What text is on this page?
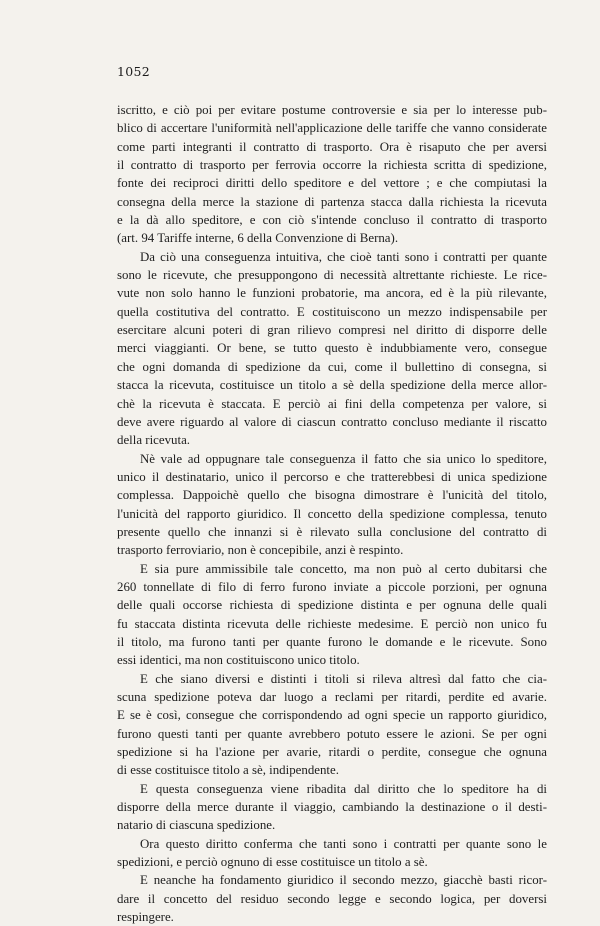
1052
iscritto, e ciò poi per evitare postume controversie e sia per lo interesse pub-
blico di accertare l'uniformità nell'applicazione delle tariffe che vanno considerate
come parti integranti il contratto di trasporto. Ora è risaputo che per aversi
il contratto di trasporto per ferrovia occorre la richiesta scritta di spedizione,
fonte dei reciproci diritti dello speditore e del vettore ; e che compiutasi la
consegna della merce la stazione di partenza stacca dalla richiesta la ricevuta
e la dà allo speditore, e con ciò s'intende concluso il contratto di trasporto
(art. 94 Tariffe interne, 6 della Convenzione di Berna).
Da ciò una conseguenza intuitiva, che cioè tanti sono i contratti per quante
sono le ricevute, che presuppongono di necessità altrettante richieste. Le rice-
vute non solo hanno le funzioni probatorie, ma ancora, ed è la più rilevante,
quella costitutiva del contratto. E costituiscono un mezzo indispensabile per
esercitare alcuni poteri di gran rilievo compresi nel diritto di disporre delle
merci viaggianti. Or bene, se tutto questo è indubbiamente vero, consegue
che ogni domanda di spedizione da cui, come il bullettino di consegna, si
stacca la ricevuta, costituisce un titolo a sè della spedizione della merce allor-
chè la ricevuta è staccata. E perciò ai fini della competenza per valore, si
deve avere riguardo al valore di ciascun contratto concluso mediante il riscatto
della ricevuta.
Nè vale ad oppugnare tale conseguenza il fatto che sia unico lo speditore,
unico il destinatario, unico il percorso e che tratterebbesi di unica spedizione
complessa. Dappoichè quello che bisogna dimostrare è l'unicità del titolo,
l'unicità del rapporto giuridico. Il concetto della spedizione complessa, tenuto
presente quello che innanzi si è rilevato sulla conclusione del contratto di
trasporto ferroviario, non è concepibile, anzi è respinto.
E sia pure ammissibile tale concetto, ma non può al certo dubitarsi che
260 tonnellate di filo di ferro furono inviate a piccole porzioni, per ognuna
delle quali occorse richiesta di spedizione distinta e per ognuna delle quali
fu staccata distinta ricevuta delle richieste medesime. E perciò non unico fu
il titolo, ma furono tanti per quante furono le domande e le ricevute. Sono
essi identici, ma non costituiscono unico titolo.
E che siano diversi e distinti i titoli si rileva altresì dal fatto che cia-
scuna spedizione poteva dar luogo a reclami per ritardi, perdite ed avarie.
E se è così, consegue che corrispondendo ad ogni specie un rapporto giuridico,
furono questi tanti per quante avrebbero potuto essere le azioni. Se per ogni
spedizione si ha l'azione per avarie, ritardi o perdite, consegue che ognuna
di esse costituisce titolo a sè, indipendente.
E questa conseguenza viene ribadita dal diritto che lo speditore ha di
disporre della merce durante il viaggio, cambiando la destinazione o il desti-
natario di ciascuna spedizione.
Ora questo diritto conferma che tanti sono i contratti per quante sono le
spedizioni, e perciò ognuno di esse costituisce un titolo a sè.
E neanche ha fondamento giuridico il secondo mezzo, giacchè basti ricor-
dare il concetto del residuo secondo legge e secondo logica, per doversi
respingere.
